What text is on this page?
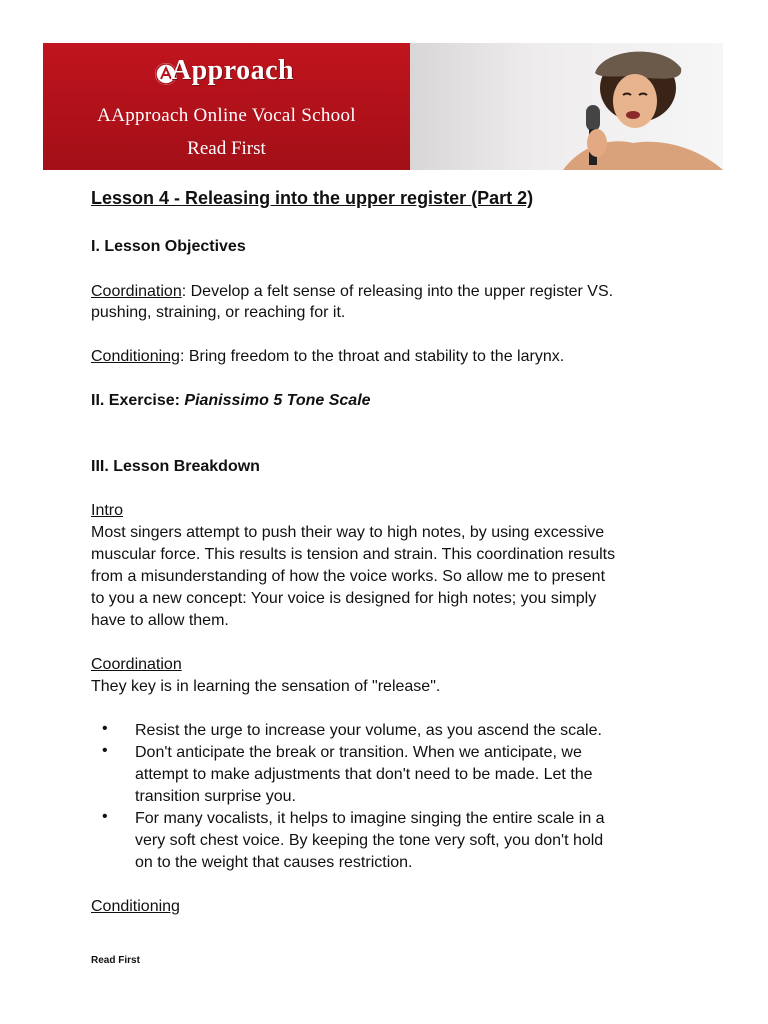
Approach
AApproach Online Vocal School
Read First
Lesson 4 - Releasing into the upper register (Part 2)
I. Lesson Objectives
Coordination: Develop a felt sense of releasing into the upper register VS.
pushing, straining, or reaching for it.
Conditioning: Bring freedom to the throat and stability to the larynx.
II. Exercise: Pianissimo 5 Tone Scale
III. Lesson Breakdown
Intro
Most singers attempt to push their way to high notes, by using excessive
muscular force. This results is tension and strain. This coordination results
from a misunderstanding of how the voice works. So allow me to present
to you a new concept: Your voice is designed for high notes; you simply
have to allow them.
Coordination
They key is in learning the sensation of "release".
• Resist the urge to increase your volume, as you ascend the scale.
• Don't anticipate the break or transition. When we anticipate, we
attempt to make adjustments that don't need to be made. Let the
transition surprise you.
• For many vocalists, it helps to imagine singing the entire scale in a
very soft chest voice. By keeping the tone very soft, you don't hold
on to the weight that causes restriction.
Conditioning
Read First
